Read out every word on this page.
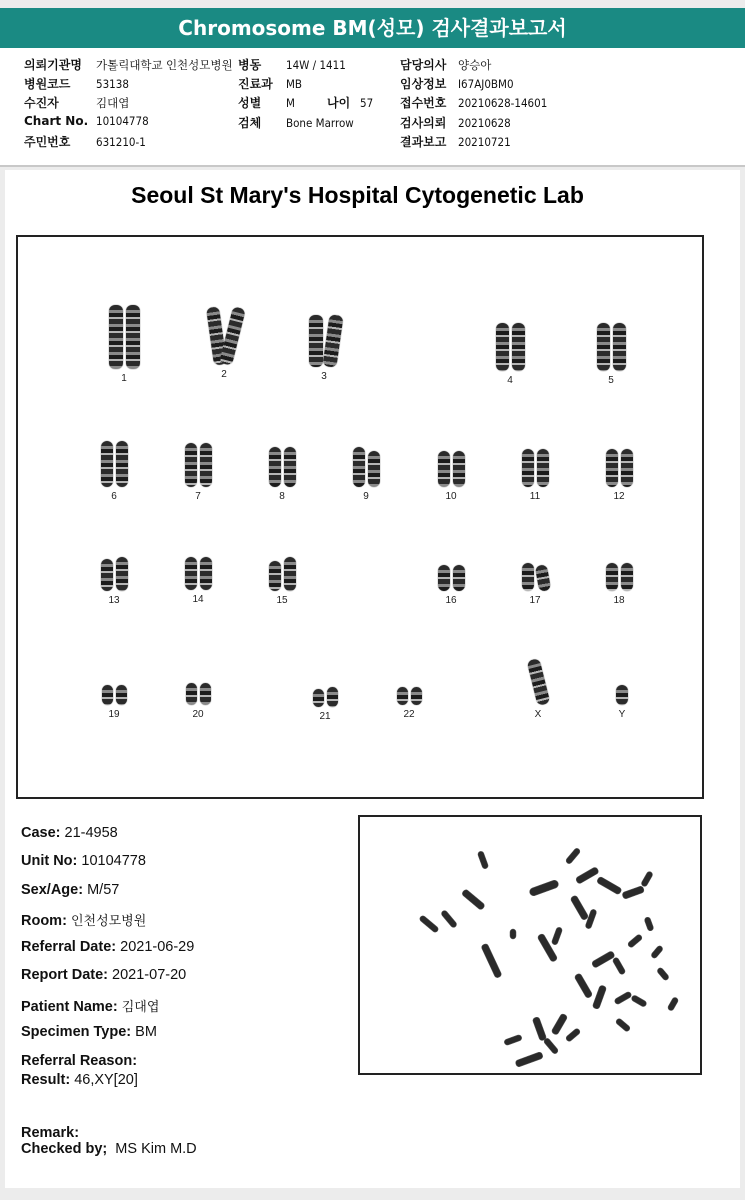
Chromosome BM(성모) 검사결과보고서
의뢰기관명 가톨릭대학교 인천성모병원
병원코드 53138
수진자	김대엽
Chart No. 10104778
주민번호 631210-1
병동 14W / 1411
진료과 MB
성별 M	나이 57
검체 Bone Marrow
담당의사 양승아
임상정보 I67AJ0BM0
접수번호 20210628-14601
검사의뢰 20210628
결과보고 20210721
Seoul St Mary's Hospital Cytogenetic Lab
1	2	3	4	5
6	7	8	9	10	11	12
13	14	15	16	17	18
19	20	21	22	X	Y
Case: 21-4958
Unit No: 10104778
Sex/Age: M/57
Room: 인천성모병원
Referral Date: 2021-06-29
Report Date: 2021-07-20
Patient Name: 김대엽
Specimen Type: BM
Referral Reason:
Result: 46,XY[20]
Remark:
Checked by; MS Kim M.D
